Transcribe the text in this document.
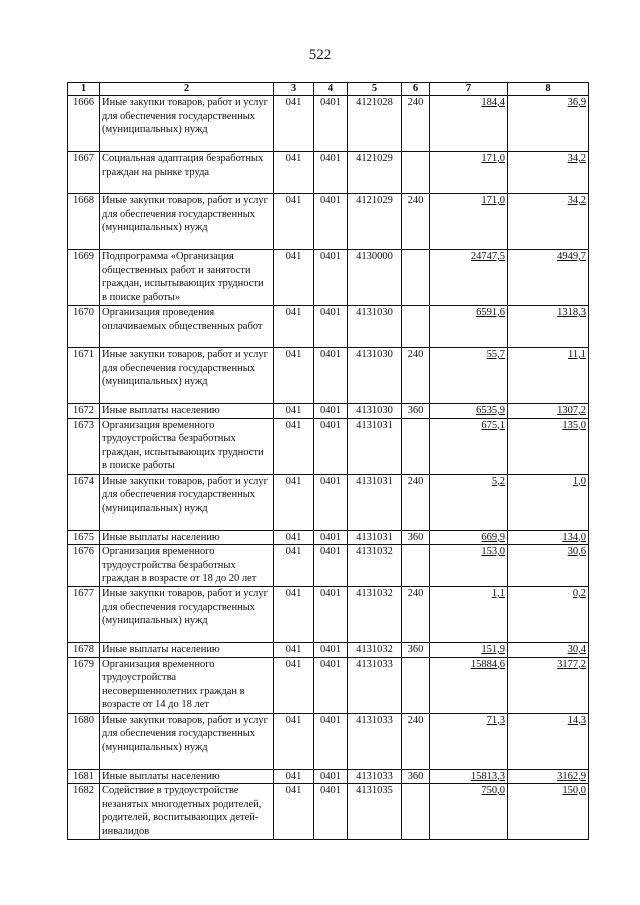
522
1	2	3	4	5	6	7	8
1666	Иные закупки товаров, работ и услуг для обеспечения государственных (муниципальных) нужд	041	0401	4121028	240	184,4	36,9
1667	Социальная адаптация безработных граждан на рынке труда	041	0401	4121029		171,0	34,2
1668	Иные закупки товаров, работ и услуг для обеспечения государственных (муниципальных) нужд	041	0401	4121029	240	171,0	34,2
1669	Подпрограмма «Организация общественных работ и занятости граждан, испытывающих трудности в поиске работы»	041	0401	4130000		24747,5	4949,7
1670	Организация проведения оплачиваемых общественных работ	041	0401	4131030		6591,6	1318,3
1671	Иные закупки товаров, работ и услуг для обеспечения государственных (муниципальных) нужд	041	0401	4131030	240	55,7	11,1
1672	Иные выплаты населению	041	0401	4131030	360	6535,9	1307,2
1673	Организация временного трудоустройства безработных граждан, испытывающих трудности в поиске работы	041	0401	4131031		675,1	135,0
1674	Иные закупки товаров, работ и услуг для обеспечения государственных (муниципальных) нужд	041	0401	4131031	240	5,2	1,0
1675	Иные выплаты населению	041	0401	4131031	360	669,9	134,0
1676	Организация временного трудоустройства безработных граждан в возрасте от 18 до 20 лет	041	0401	4131032		153,0	30,6
1677	Иные закупки товаров, работ и услуг для обеспечения государственных (муниципальных) нужд	041	0401	4131032	240	1,1	0,2
1678	Иные выплаты населению	041	0401	4131032	360	151,9	30,4
1679	Организация временного трудоустройства несовершеннолетних граждан в возрасте от 14 до 18 лет	041	0401	4131033		15884,6	3177,2
1680	Иные закупки товаров, работ и услуг для обеспечения государственных (муниципальных) нужд	041	0401	4131033	240	71,3	14,3
1681	Иные выплаты населению	041	0401	4131033	360	15813,3	3162,9
1682	Содействие в трудоустройстве незанятых многодетных родителей, родителей, воспитывающих детей-инвалидов	041	0401	4131035		750,0	150,0
